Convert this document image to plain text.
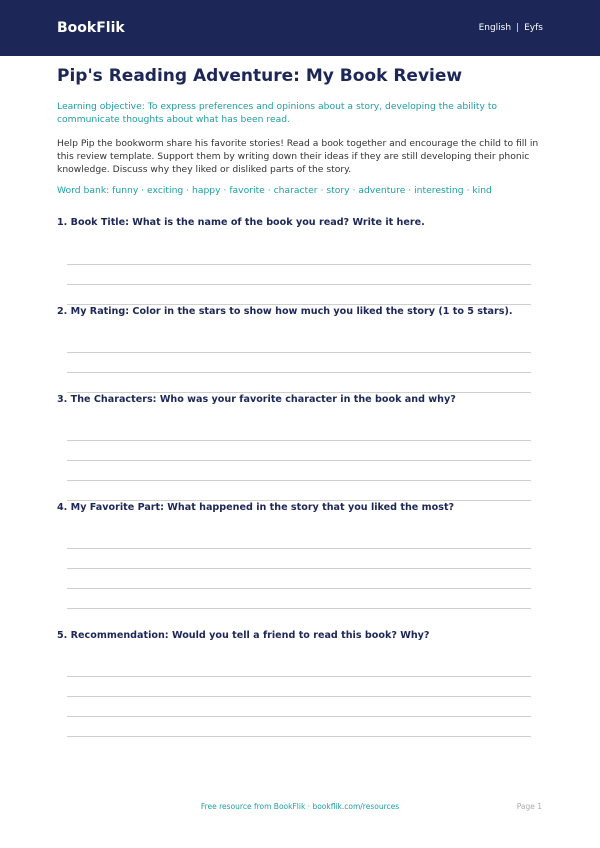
BookFlik	English | Eyfs
Pip's Reading Adventure: My Book Review

Learning objective: To express preferences and opinions about a story, developing the ability to communicate thoughts about what has been read.

Help Pip the bookworm share his favorite stories! Read a book together and encourage the child to fill in this review template. Support them by writing down their ideas if they are still developing their phonic knowledge. Discuss why they liked or disliked parts of the story.

Word bank: funny · exciting · happy · favorite · character · story · adventure · interesting · kind

1. Book Title: What is the name of the book you read? Write it here.

2. My Rating: Color in the stars to show how much you liked the story (1 to 5 stars).

3. The Characters: Who was your favorite character in the book and why?

4. My Favorite Part: What happened in the story that you liked the most?

5. Recommendation: Would you tell a friend to read this book? Why?

Free resource from BookFlik · bookflik.com/resources	Page 1
